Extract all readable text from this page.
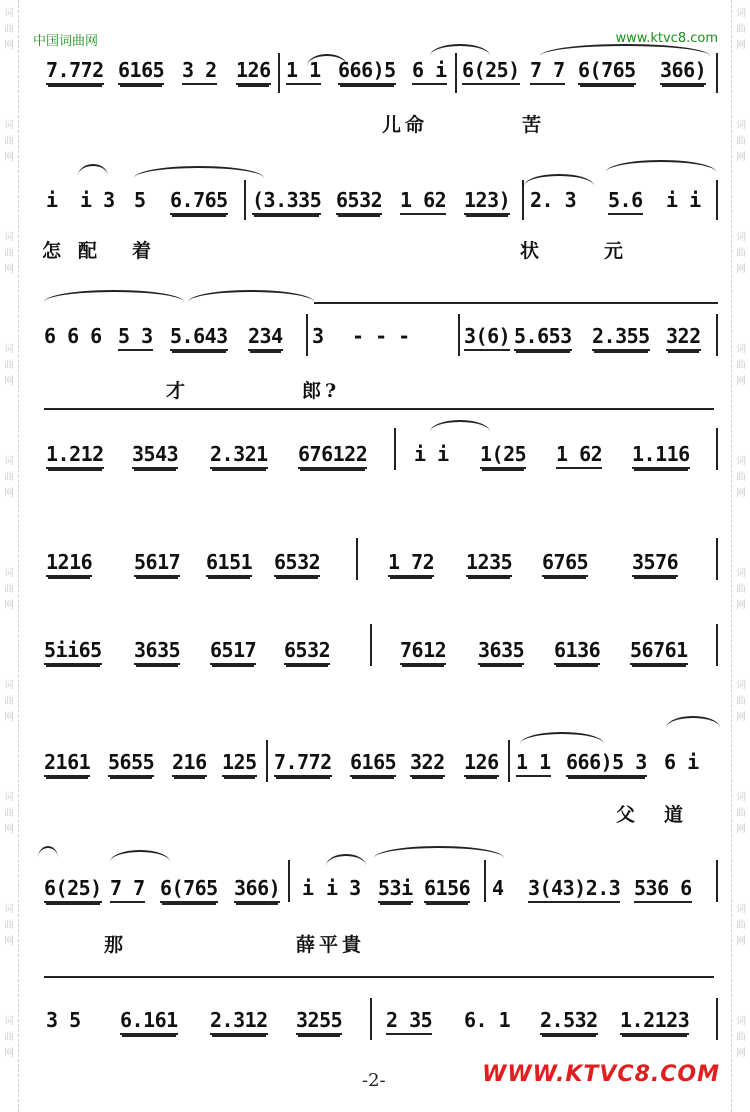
词
曲
网
词
曲
网
词
曲
网
词
曲
网
词
曲
网
词
曲
网
词
曲
网
词
曲
网
词
曲
网
词
曲
网
词
曲
网
词
曲
网
词
曲
网
词
曲
网
词
曲
网
词
曲
网
词
曲
网
词
曲
网
词
曲
网
词
曲
网
中国词曲网	www.ktvc8.com
7.772 6165 3 2 126 1 1 666)5 6 i 6(25) 7 7 6(765 366)
儿命	苦
i i 3 5 6.765 (3.335 6532 1 62 123) 2. 3 5.6 i i
怎 配 着	状	元
6 6 6 5 3 5.643 234 3 - - -	3(6) 5.653 2.355 322
才	郎?
1.212 3543 2.321 676122 i i 1(25 1 62 1.116
1216 5617 6151 6532	1 72 1235 6765 3576
5ii65 3635 6517 6532	7612 3635 6136 56761
2161 5655 216 125 7.772 6165 322 126 1 1 666)5 3 6 i
父 道
6(25) 7 7 6(765 366) i i 3 53i 6156 4 3(43)2.3 536 6
那	薛平貴
3 5 6.161 2.312 3255 2 35 6. 1 2.532 1.2123
-2-	WWW.KTVC8.COM
